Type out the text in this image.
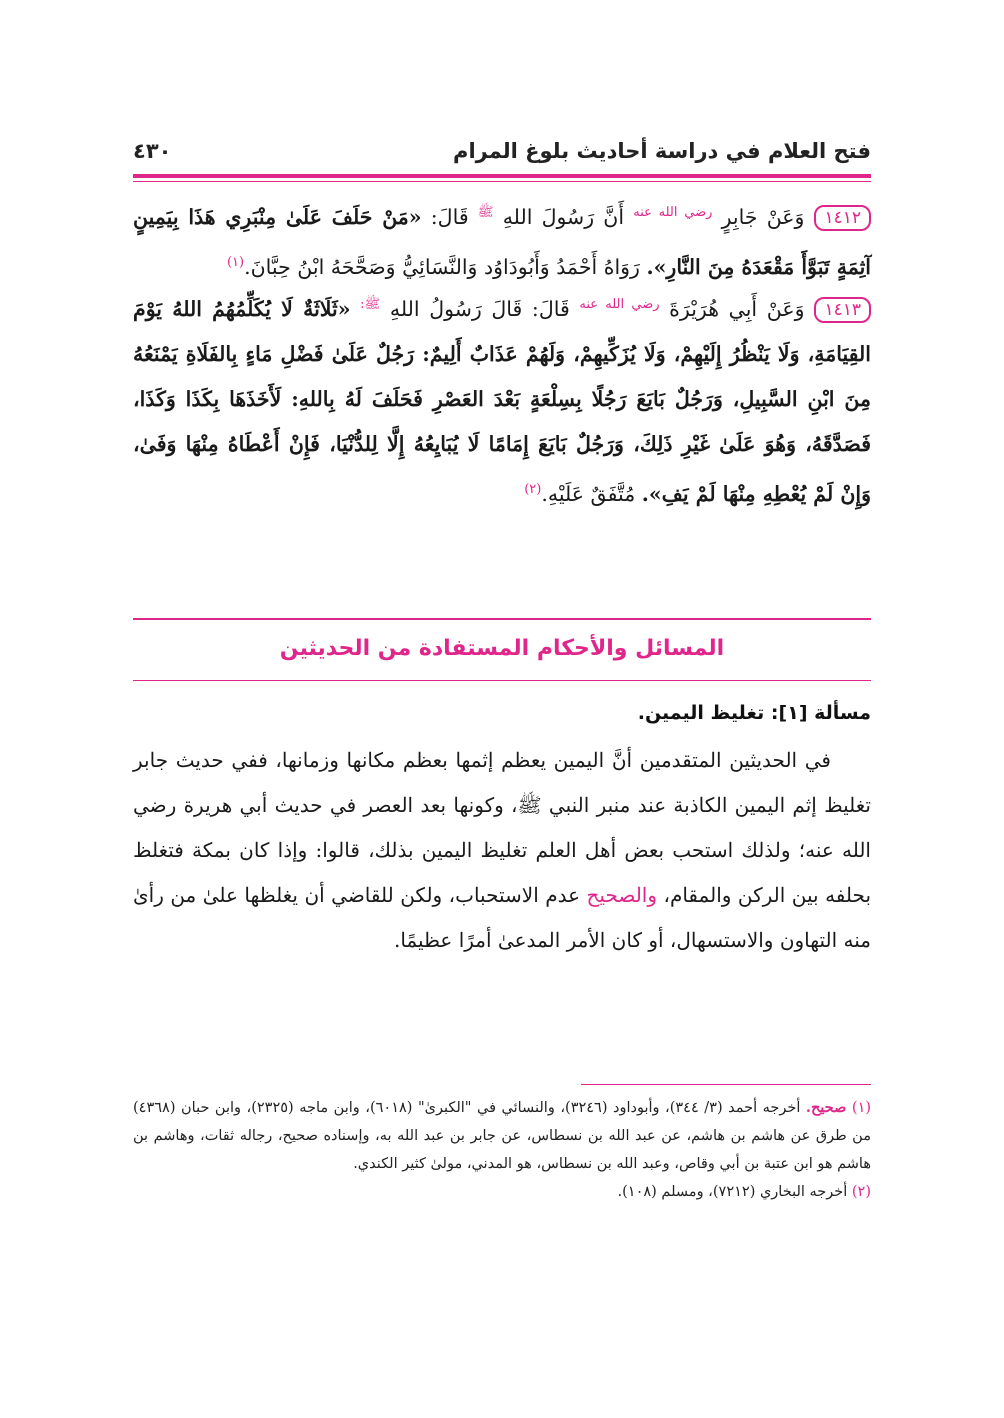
فتح العلام في دراسة أحاديث بلوغ المرام
٤٣٠
١٤١٢وَعَنْ جَابِرٍ $^{رضي الله عنه}$ أَنَّ رَسُولَ اللهِ $^ﷺ$ قَالَ: «مَنْ حَلَفَ عَلَىٰ مِنْبَرِي هَذَا بِيَمِينٍ آثِمَةٍ تَبَوَّأَ مَقْعَدَهُ مِنَ النَّارِ». رَوَاهُ أَحْمَدُ وَأَبُودَاوُد وَالنَّسَائِيُّ وَصَحَّحَهُ ابْنُ حِبَّانَ.$^{(١)}$
١٤١٣وَعَنْ أَبِي هُرَيْرَةَ $^{رضي الله عنه}$ قَالَ: قَالَ رَسُولُ اللهِ $^{ﷺ:}$ «ثَلَاثَةٌ لَا يُكَلِّمُهُمُ اللهُ يَوْمَ القِيَامَةِ، وَلَا يَنْظُرُ إِلَيْهِمْ، وَلَا يُزَكِّيهِمْ، وَلَهُمْ عَذَابٌ أَلِيمٌ: رَجُلٌ عَلَىٰ فَضْلِ مَاءٍ بِالفَلَاةِ يَمْنَعُهُ مِنَ ابْنِ السَّبِيلِ، وَرَجُلٌ بَايَعَ رَجُلًا بِسِلْعَةٍ بَعْدَ العَصْرِ فَحَلَفَ لَهُ بِاللهِ: لَأَخَذَهَا بِكَذَا وَكَذَا، فَصَدَّقَهُ، وَهُوَ عَلَىٰ غَيْرِ ذَلِكَ، وَرَجُلٌ بَايَعَ إِمَامًا لَا يُبَايِعُهُ إِلَّا لِلدُّنْيَا، فَإِنْ أَعْطَاهُ مِنْهَا وَفَىٰ، وَإِنْ لَمْ يُعْطِهِ مِنْهَا لَمْ يَفِ». مُتَّفَقٌ عَلَيْهِ.$^{(٢)}$
المسائل والأحكام المستفادة من الحديثين
مسألة [١]: تغليظ اليمين.
في الحديثين المتقدمين أنَّ اليمين يعظم إثمها بعظم مكانها وزمانها، ففي حديث جابر تغليظ إثم اليمين الكاذبة عند منبر النبي ﷺ، وكونها بعد العصر في حديث أبي هريرة رضي الله عنه؛ ولذلك استحب بعض أهل العلم تغليظ اليمين بذلك، قالوا: وإذا كان بمكة فتغلظ بحلفه بين الركن والمقام، والصحيح عدم الاستحباب، ولكن للقاضي أن يغلظها علىٰ من رأىٰ منه التهاون والاستسهال، أو كان الأمر المدعىٰ أمرًا عظيمًا.

(١) صحيح. أخرجه أحمد (٣/ ٣٤٤)، وأبوداود (٣٢٤٦)، والنسائي في "الكبرىٰ" (٦٠١٨)، وابن ماجه (٢٣٢٥)، وابن حبان (٤٣٦٨) من طرق عن هاشم بن هاشم، عن عبد الله بن نسطاس، عن جابر بن عبد الله به، وإسناده صحيح، رجاله ثقات، وهاشم بن هاشم هو ابن عتبة بن أبي وقاص، وعبد الله بن نسطاس، هو المدني، مولىٰ كثير الكندي.

(٢) أخرجه البخاري (٧٢١٢)، ومسلم (١٠٨).
